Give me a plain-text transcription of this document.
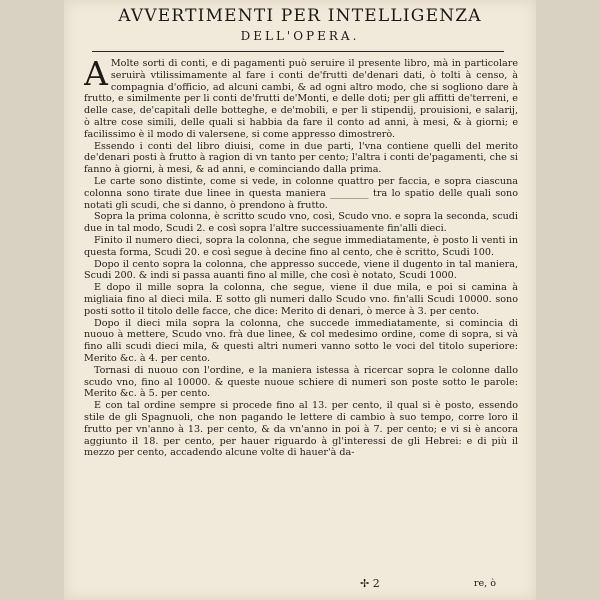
AVVERTIMENTI PER INTELLIGENZA
DELL'OPERA.

A Molte sorti di conti, e di pagamenti può seruire il presente libro, mà in particolare seruirà vtilissimamente al fare i conti de'frutti de'denari dati, ò tolti à censo, à compagnia d'officio, ad alcuni cambi, & ad ogni altro modo, che si sogliono dare à frutto, e similmente per li conti de'frutti de'Monti, e delle doti; per gli affitti de'terreni, e delle case, de'capitali delle botteghe, e de'mobili, e per li stipendij, prouisioni, e salarij, ò altre cose simili, delle quali si habbia da fare il conto ad anni, à mesi, & à giorni; e facilissimo è il modo di valersene, si come appresso dimostrerò.

Essendo i conti del libro diuisi, come in due parti, l'vna contiene quelli del merito de'denari posti à frutto à ragion di vn tanto per cento; l'altra i conti de'pagamenti, che si fanno à giorni, à mesi, & ad anni, e cominciando dalla prima.

Le carte sono distinte, come si vede, in colonne quattro per faccia, e sopra ciascuna colonna sono tirate due linee in questa maniera ________ tra lo spatio delle quali sono notati gli scudi, che si danno, ò prendono à frutto.

Sopra la prima colonna, è scritto scudo vno, così, Scudo vno. e sopra la seconda, scudi due in tal modo, Scudi 2. e così sopra l'altre successiuamente fin'alli dieci.

Finito il numero dieci, sopra la colonna, che segue immediatamente, è posto li venti in questa forma, Scudi 20. e così segue à decine fino al cento, che è scritto, Scudi 100.

Dopo il cento sopra la colonna, che appresso succede, viene il dugento in tal maniera, Scudi 200. & indi si passa auanti fino al mille, che così è notato, Scudi 1000.

E dopo il mille sopra la colonna, che segue, viene il due mila, e poi si camina à migliaia fino al dieci mila. E sotto gli numeri dallo Scudo vno. fin'alli Scudi 10000. sono posti sotto il titolo delle facce, che dice: Merito di denari, ò merce à 3. per cento.

Dopo il dieci mila sopra la colonna, che succede immediatamente, si comincia di nuouo à mettere, Scudo vno. frà due linee, & col medesimo ordine, come di sopra, si và fino alli scudi dieci mila, & questi altri numeri vanno sotto le voci del titolo superiore: Merito &c. à 4. per cento.

Tornasi di nuouo con l'ordine, e la maniera istessa à ricercar sopra le colonne dallo scudo vno, fino al 10000. & queste nuoue schiere di numeri son poste sotto le parole: Merito &c. à 5. per cento.

E con tal ordine sempre si procede fino al 13. per cento, il qual si è posto, essendo stile de gli Spagnuoli, che non pagando le lettere di cambio à suo tempo, corre loro il frutto per vn'anno à 13. per cento, & da vn'anno in poi à 7. per cento; e vi si è ancora aggiunto il 18. per cento, per hauer riguardo à gl'interessi de gli Hebrei: e di più il mezzo per cento, accadendo alcune volte di hauer'à da-

✢ 2	re, ò
